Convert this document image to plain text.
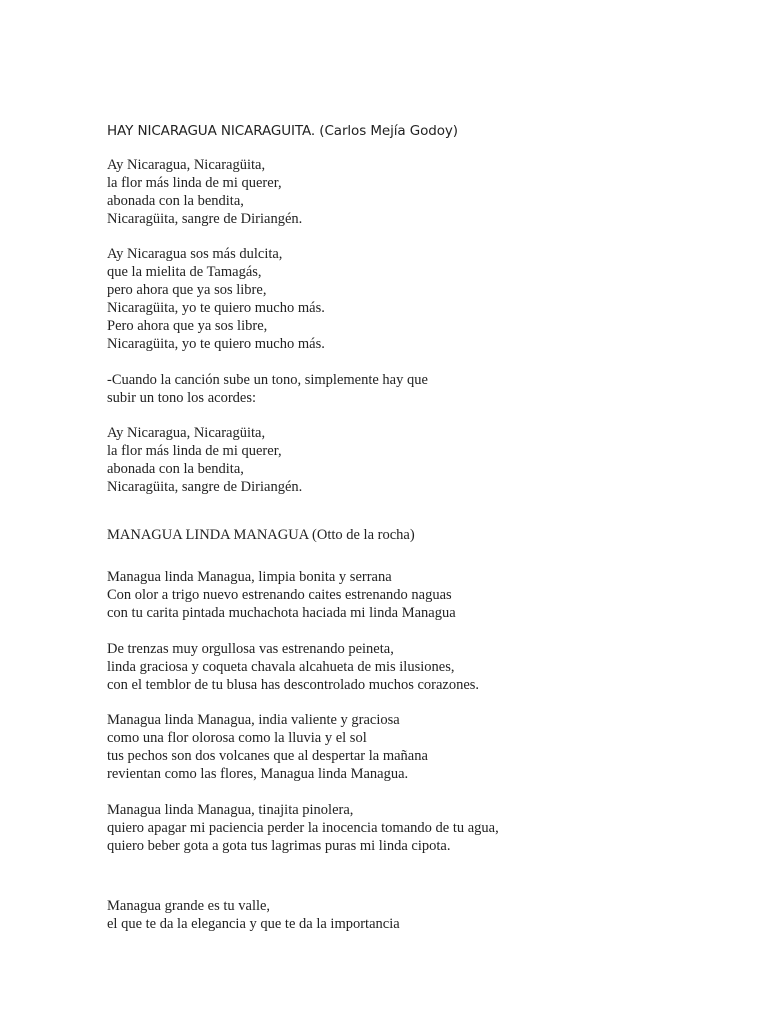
HAY NICARAGUA NICARAGUITA. (Carlos Mejía Godoy)
Ay Nicaragua, Nicaragüita,
la flor más linda de mi querer,
abonada con la bendita,
Nicaragüita, sangre de Diriangén.
Ay Nicaragua sos más dulcita,
que la mielita de Tamagás,
pero ahora que ya sos libre,
Nicaragüita, yo te quiero mucho más.
Pero ahora que ya sos libre,
Nicaragüita, yo te quiero mucho más.
-Cuando la canción sube un tono, simplemente hay que
subir un tono los acordes:
Ay Nicaragua, Nicaragüita,
la flor más linda de mi querer,
abonada con la bendita,
Nicaragüita, sangre de Diriangén.
MANAGUA LINDA MANAGUA (Otto de la rocha)
Managua linda Managua, limpia bonita y serrana
Con olor a trigo nuevo estrenando caites estrenando naguas
con tu carita pintada muchachota haciada mi linda Managua
De trenzas muy orgullosa vas estrenando peineta,
linda graciosa y coqueta chavala alcahueta de mis ilusiones,
con el temblor de tu blusa has descontrolado muchos corazones.
Managua linda Managua, india valiente y graciosa
como una flor olorosa como la lluvia y el sol
tus pechos son dos volcanes que al despertar la mañana
revientan como las flores, Managua linda Managua.
Managua linda Managua, tinajita pinolera,
quiero apagar mi paciencia perder la inocencia tomando de tu agua,
quiero beber gota a gota tus lagrimas puras mi linda cipota.
Managua grande es tu valle,
el que te da la elegancia y que te da la importancia
